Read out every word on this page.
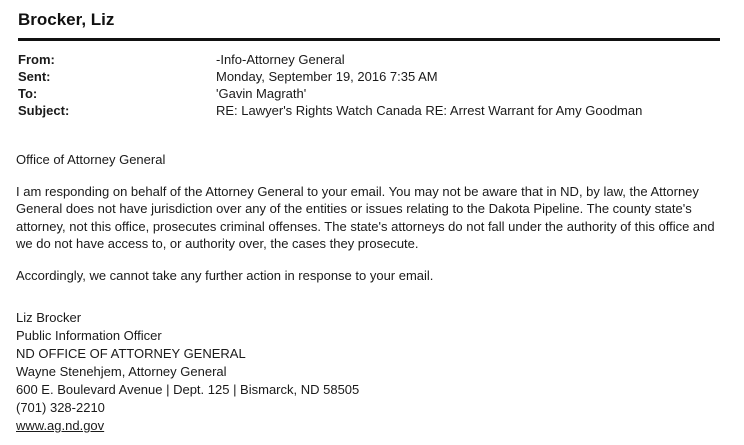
Brocker, Liz
From:	-Info-Attorney General
Sent:	Monday, September 19, 2016 7:35 AM
To:	'Gavin Magrath'
Subject:	RE: Lawyer's Rights Watch Canada RE: Arrest Warrant for Amy Goodman

Office of Attorney General

I am responding on behalf of the Attorney General to your email. You may not be aware that in ND, by law, the Attorney General does not have jurisdiction over any of the entities or issues relating to the Dakota Pipeline. The county state's attorney, not this office, prosecutes criminal offenses. The state's attorneys do not fall under the authority of this office and we do not have access to, or authority over, the cases they prosecute.

Accordingly, we cannot take any further action in response to your email.

Liz Brocker
Public Information Officer
ND OFFICE OF ATTORNEY GENERAL
Wayne Stenehjem, Attorney General
600 E. Boulevard Avenue | Dept. 125 | Bismarck, ND 58505
(701) 328-2210
www.ag.nd.gov
